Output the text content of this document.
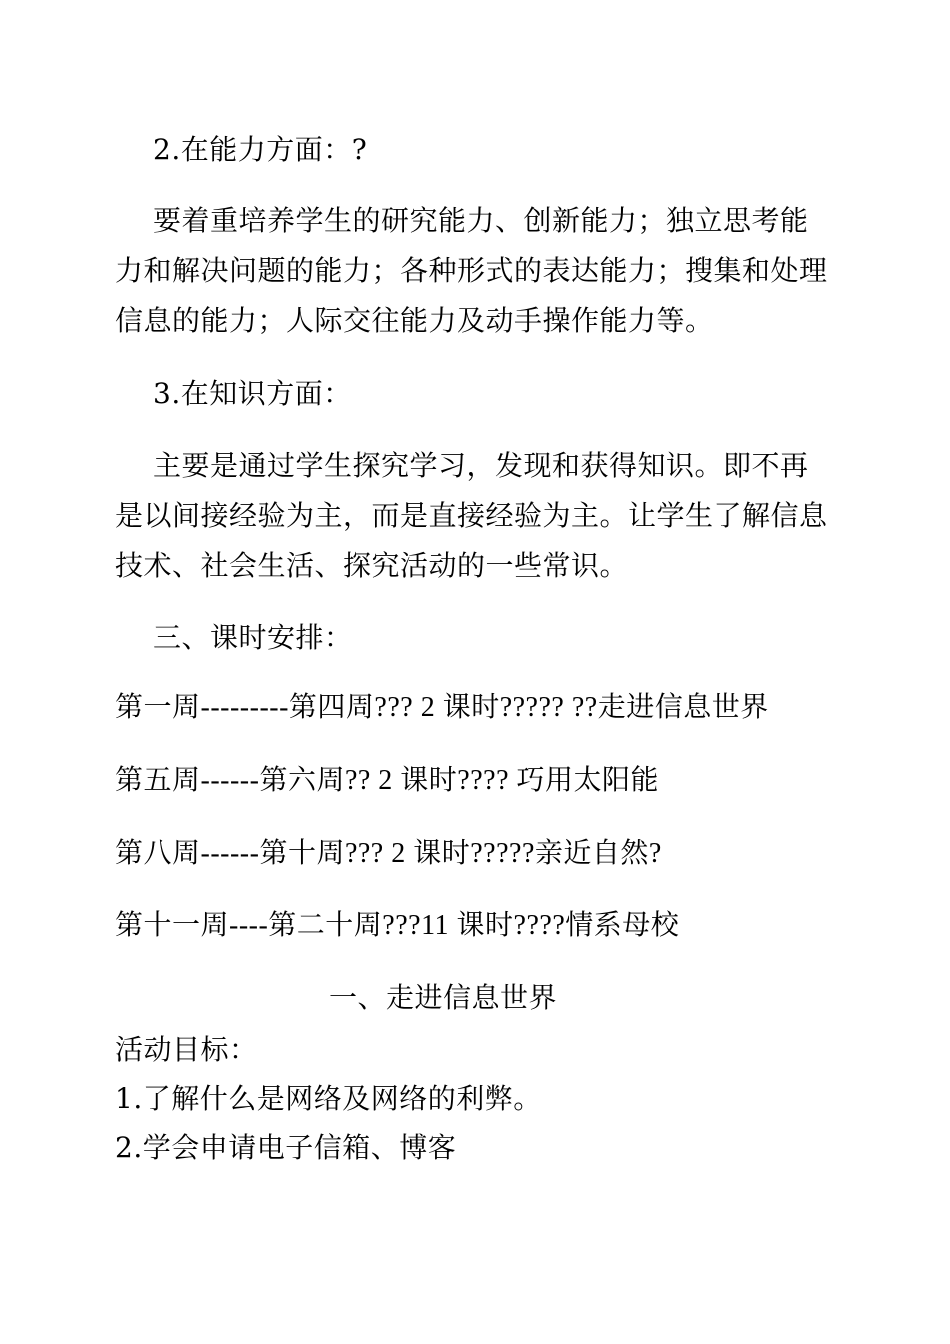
2.在能力方面：?
要着重培养学生的研究能力、创新能力；独立思考能
力和解决问题的能力；各种形式的表达能力；搜集和处理
信息的能力；人际交往能力及动手操作能力等。
3.在知识方面：
主要是通过学生探究学习，发现和获得知识。即不再
是以间接经验为主，而是直接经验为主。让学生了解信息
技术、社会生活、探究活动的一些常识。
三、课时安排：
第一周---------第四周??? 2 课时????? ??走进信息世界
第五周------第六周?? 2 课时???? 巧用太阳能
第八周------第十周??? 2 课时?????亲近自然?
第十一周----第二十周???11 课时????情系母校
一、走进信息世界
活动目标：
1.了解什么是网络及网络的利弊。
2.学会申请电子信箱、博客
